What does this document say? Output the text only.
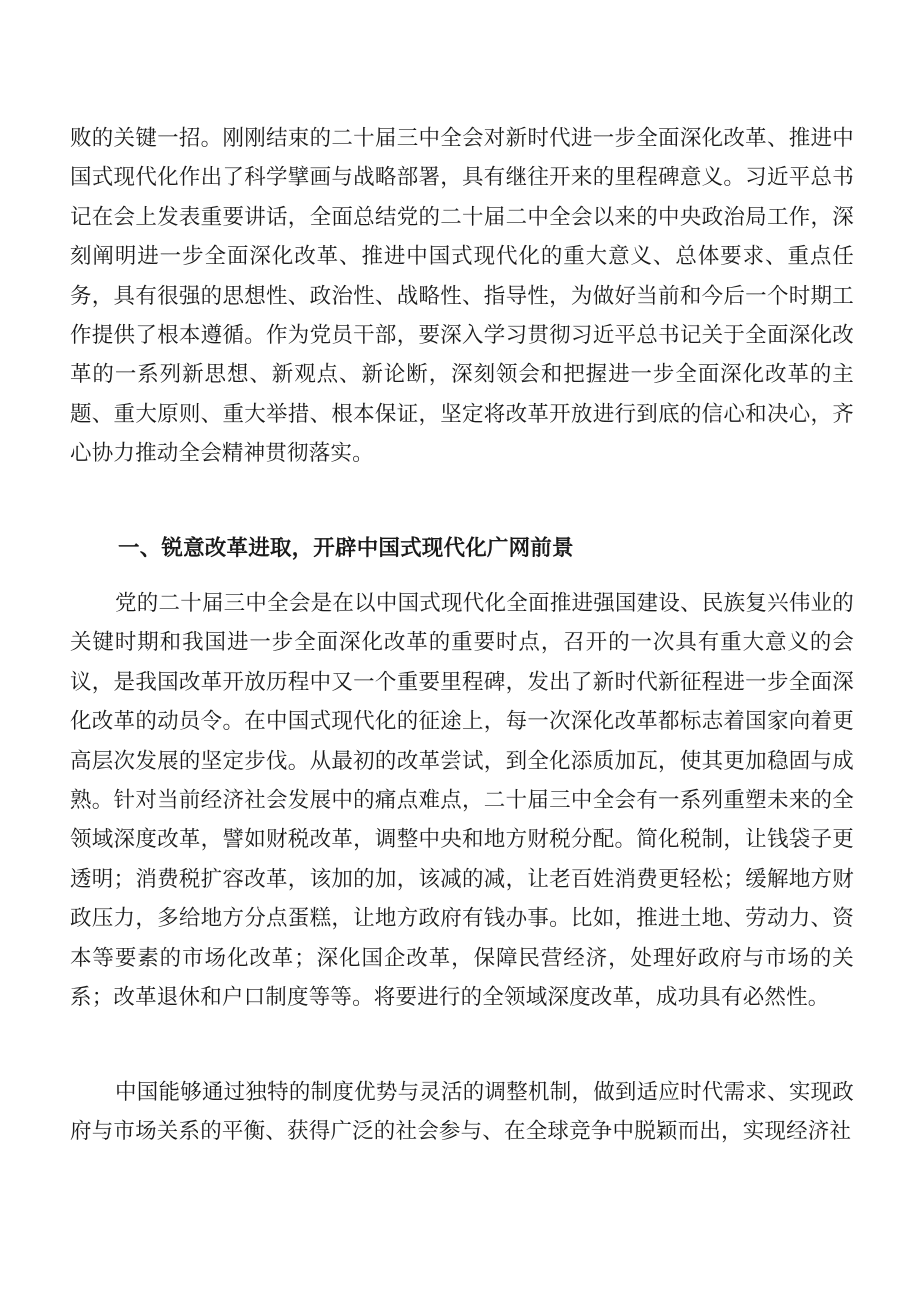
败的关键一招。刚刚结束的二十届三中全会对新时代进一步全面深化改革、推进中国式现代化作出了科学擘画与战略部署，具有继往开来的里程碑意义。习近平总书记在会上发表重要讲话，全面总结党的二十届二中全会以来的中央政治局工作，深刻阐明进一步全面深化改革、推进中国式现代化的重大意义、总体要求、重点任务，具有很强的思想性、政治性、战略性、指导性，为做好当前和今后一个时期工作提供了根本遵循。作为党员干部，要深入学习贯彻习近平总书记关于全面深化改革的一系列新思想、新观点、新论断，深刻领会和把握进一步全面深化改革的主题、重大原则、重大举措、根本保证，坚定将改革开放进行到底的信心和决心，齐心协力推动全会精神贯彻落实。

一、锐意改革进取，开辟中国式现代化广网前景

党的二十届三中全会是在以中国式现代化全面推进强国建设、民族复兴伟业的关键时期和我国进一步全面深化改革的重要时点，召开的一次具有重大意义的会议，是我国改革开放历程中又一个重要里程碑，发出了新时代新征程进一步全面深化改革的动员令。在中国式现代化的征途上，每一次深化改革都标志着国家向着更高层次发展的坚定步伐。从最初的改革尝试，到全化添质加瓦，使其更加稳固与成熟。针对当前经济社会发展中的痛点难点，二十届三中全会有一系列重塑未来的全领域深度改革，譬如财税改革，调整中央和地方财税分配。简化税制，让钱袋子更透明；消费税扩容改革，该加的加，该减的减，让老百姓消费更轻松；缓解地方财政压力，多给地方分点蛋糕，让地方政府有钱办事。比如，推进土地、劳动力、资本等要素的市场化改革；深化国企改革，保障民营经济，处理好政府与市场的关系；改革退休和户口制度等等。将要进行的全领域深度改革，成功具有必然性。

中国能够通过独特的制度优势与灵活的调整机制，做到适应时代需求、实现政府与市场关系的平衡、获得广泛的社会参与、在全球竞争中脱颖而出，实现经济社
